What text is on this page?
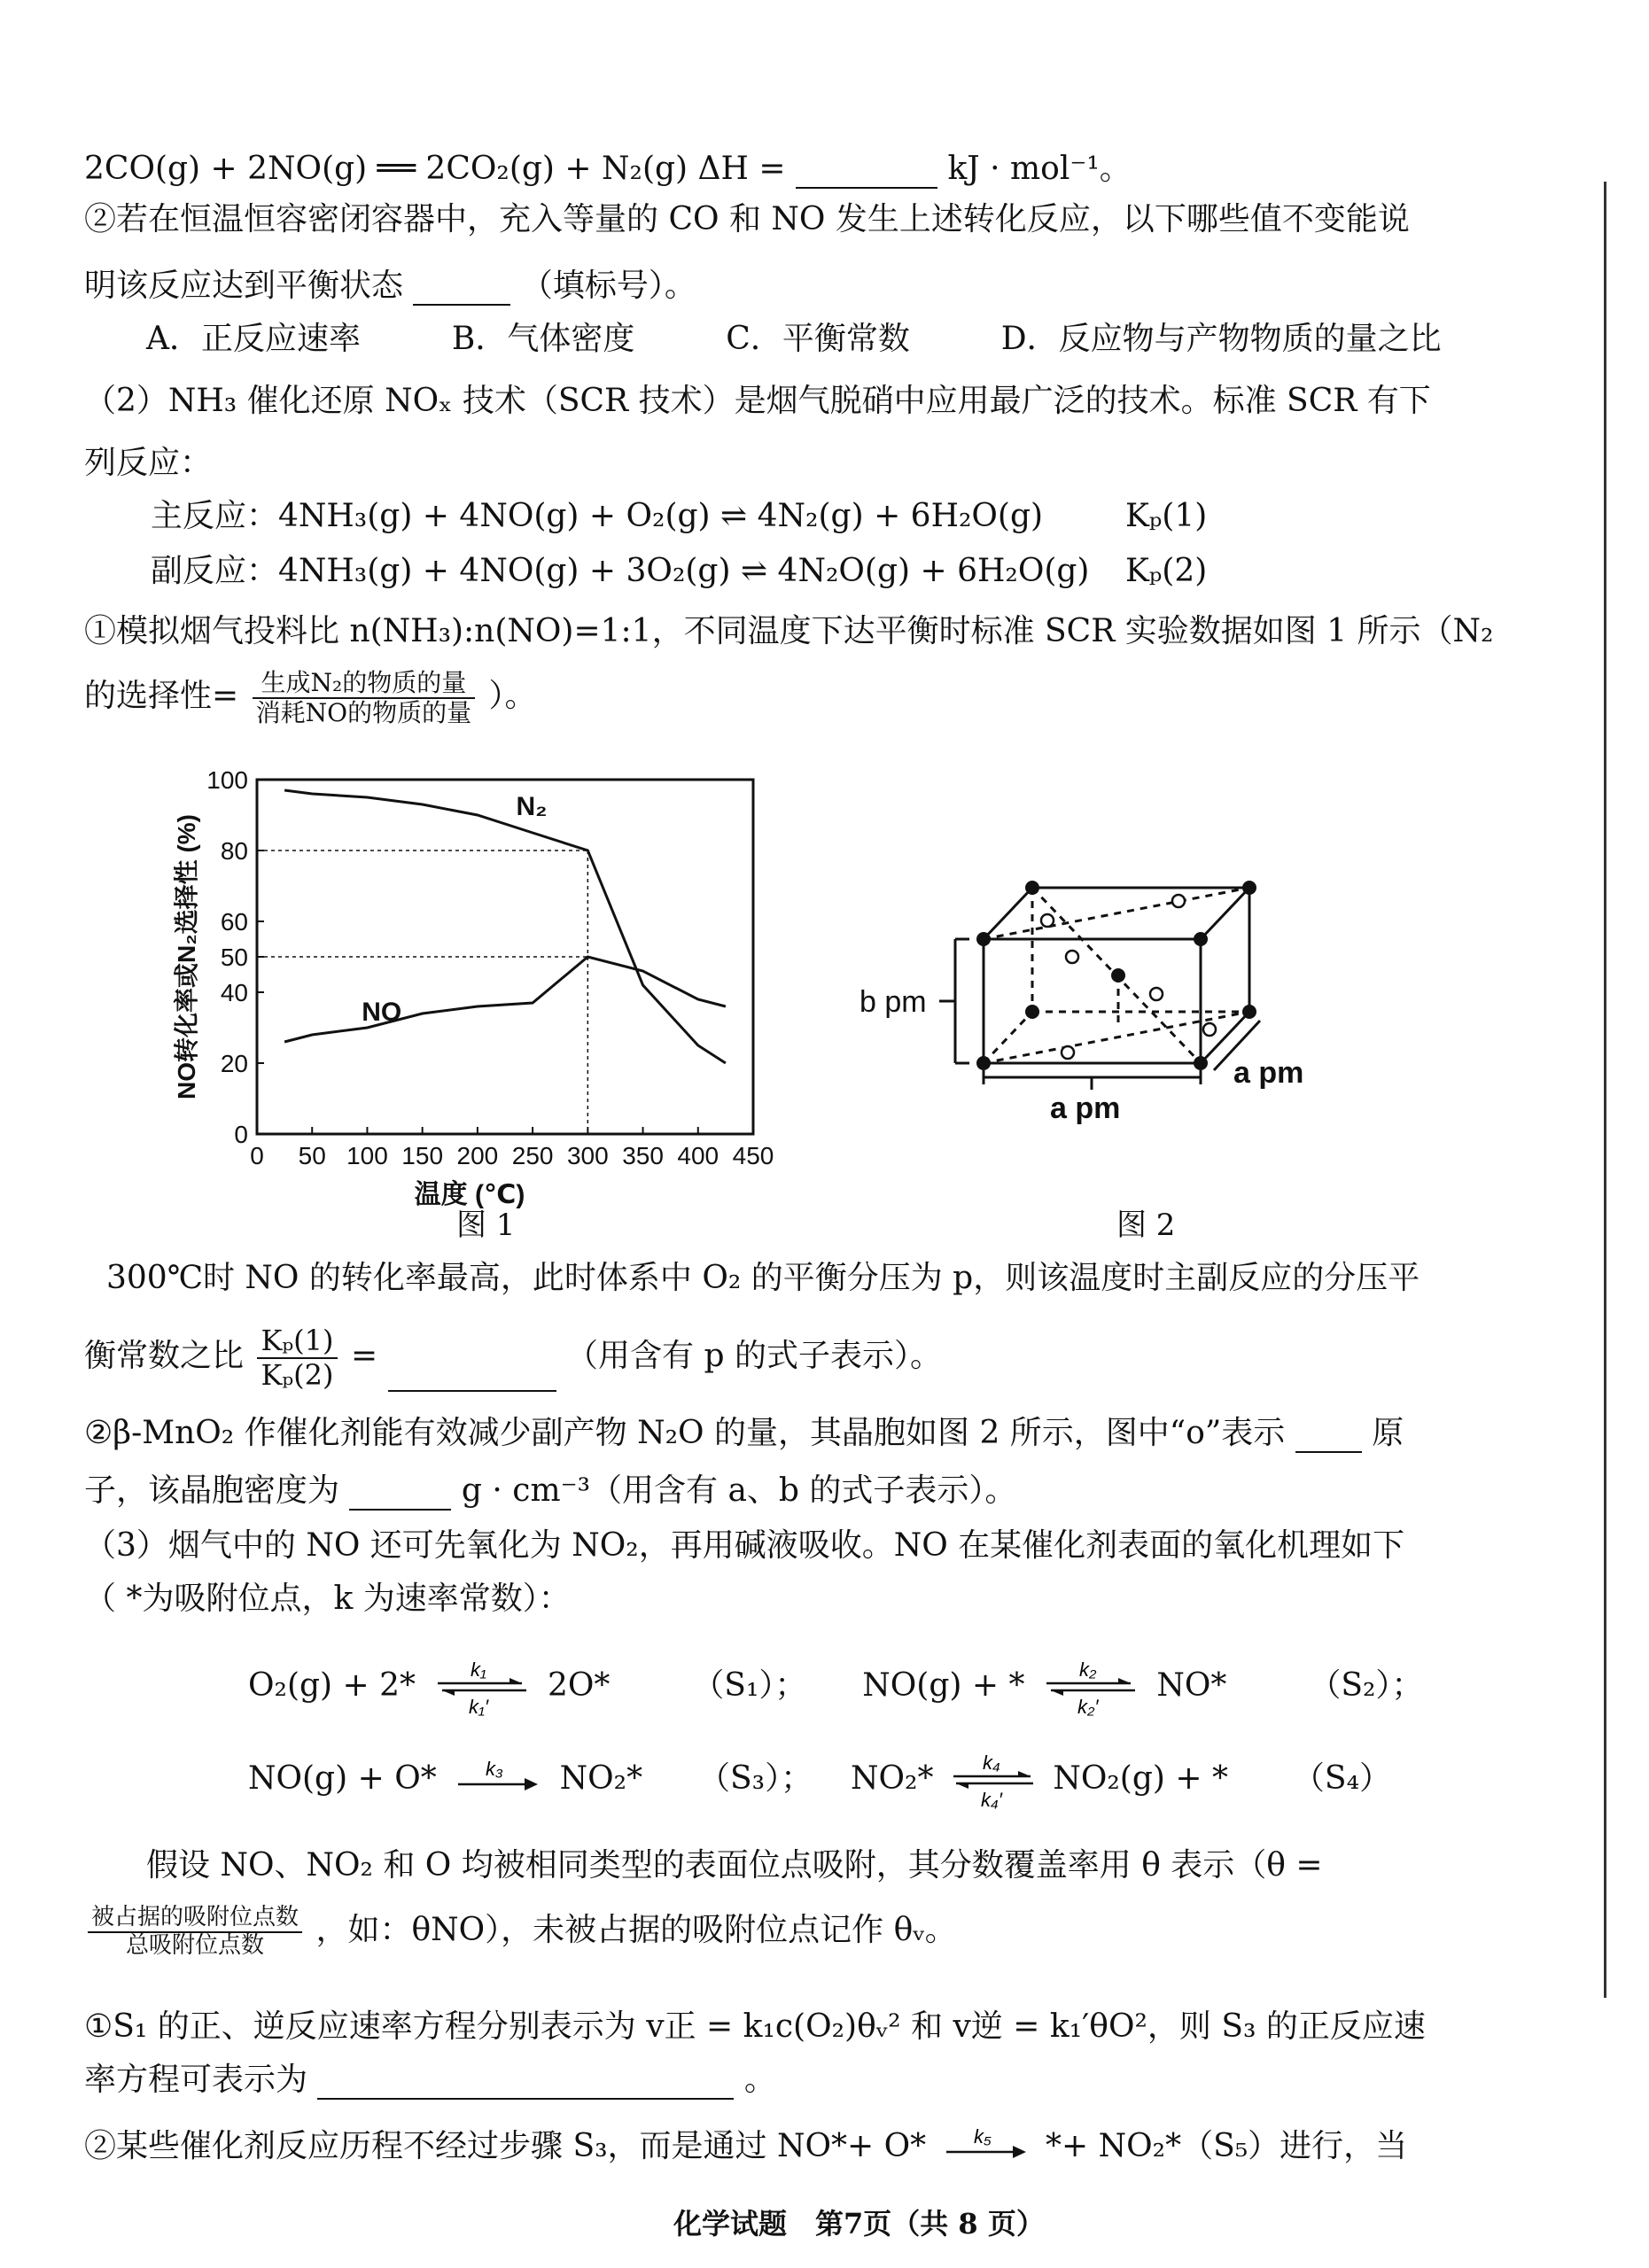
2CO(g) + 2NO(g) ══ 2CO₂(g) + N₂(g) ΔH =	kJ · mol⁻¹。
②若在恒温恒容密闭容器中，充入等量的 CO 和 NO 发生上述转化反应，以下哪些值不变能说
明该反应达到平衡状态	（填标号）。
A．正反应速率	B．气体密度	C．平衡常数	D．反应物与产物物质的量之比
（2）NH₃ 催化还原 NOₓ 技术（SCR 技术）是烟气脱硝中应用最广泛的技术。标准 SCR 有下
列反应：
主反应：4NH₃(g) + 4NO(g) + O₂(g) ⇌ 4N₂(g) + 6H₂O(g)	Kₚ(1)
副反应：4NH₃(g) + 4NO(g) + 3O₂(g) ⇌ 4N₂O(g) + 6H₂O(g) Kₚ(2)
①模拟烟气投料比 n(NH₃):n(NO)=1:1，不同温度下达平衡时标准 SCR 实验数据如图 1 所示（N₂
的选择性= $\frac{\text{生成N₂的物质的量}}{\text{消耗NO的物质的量}}$ ）。
0 50 100 150 200 250 300 350 400 450
0
20
40
50
60
80
100
N₂
NO
温度 (℃)
NO转化率或N₂选择性 (%)
图 1
b pm
a pm
a pm
图 2
300℃时 NO 的转化率最高，此时体系中 O₂ 的平衡分压为 p，则该温度时主副反应的分压平
衡常数之比 $\frac{\text{Kₚ(1)}}{\text{Kₚ(2)}}$ =	（用含有 p 的式子表示）。
②β-MnO₂ 作催化剂能有效减少副产物 N₂O 的量，其晶胞如图 2 所示，图中“o”表示	原
子，该晶胞密度为	g · cm⁻³（用含有 a、b 的式子表示）。
（3）烟气中的 NO 还可先氧化为 NO₂，再用碱液吸收。NO 在某催化剂表面的氧化机理如下
（ *为吸附位点，k 为速率常数）：
O₂(g) + 2*	k₁
k₁′
2O*	（S₁）； NO(g) + *	k₂
k₂′
NO*	（S₂）；
NO(g) + O*	k₃ NO₂* （S₃）； NO₂*	k₄
k₄′
NO₂(g) + * （S₄）
假设 NO、NO₂ 和 O 均被相同类型的表面位点吸附，其分数覆盖率用 θ 表示（θ =
$\frac{\text{被占据的吸附位点数}}{\text{总吸附位点数}}$ ，如：θNO），未被占据的吸附位点记作 θᵥ。
①S₁ 的正、逆反应速率方程分别表示为 v正 = k₁c(O₂)θᵥ² 和 v逆 = k₁′θO²，则 S₃ 的正反应速
率方程可表示为	。
②某些催化剂反应历程不经过步骤 S₃，而是通过 NO*+ O* k₅ *+ NO₂*（S₅）进行，当
化学试题　第7页（共 8 页）
